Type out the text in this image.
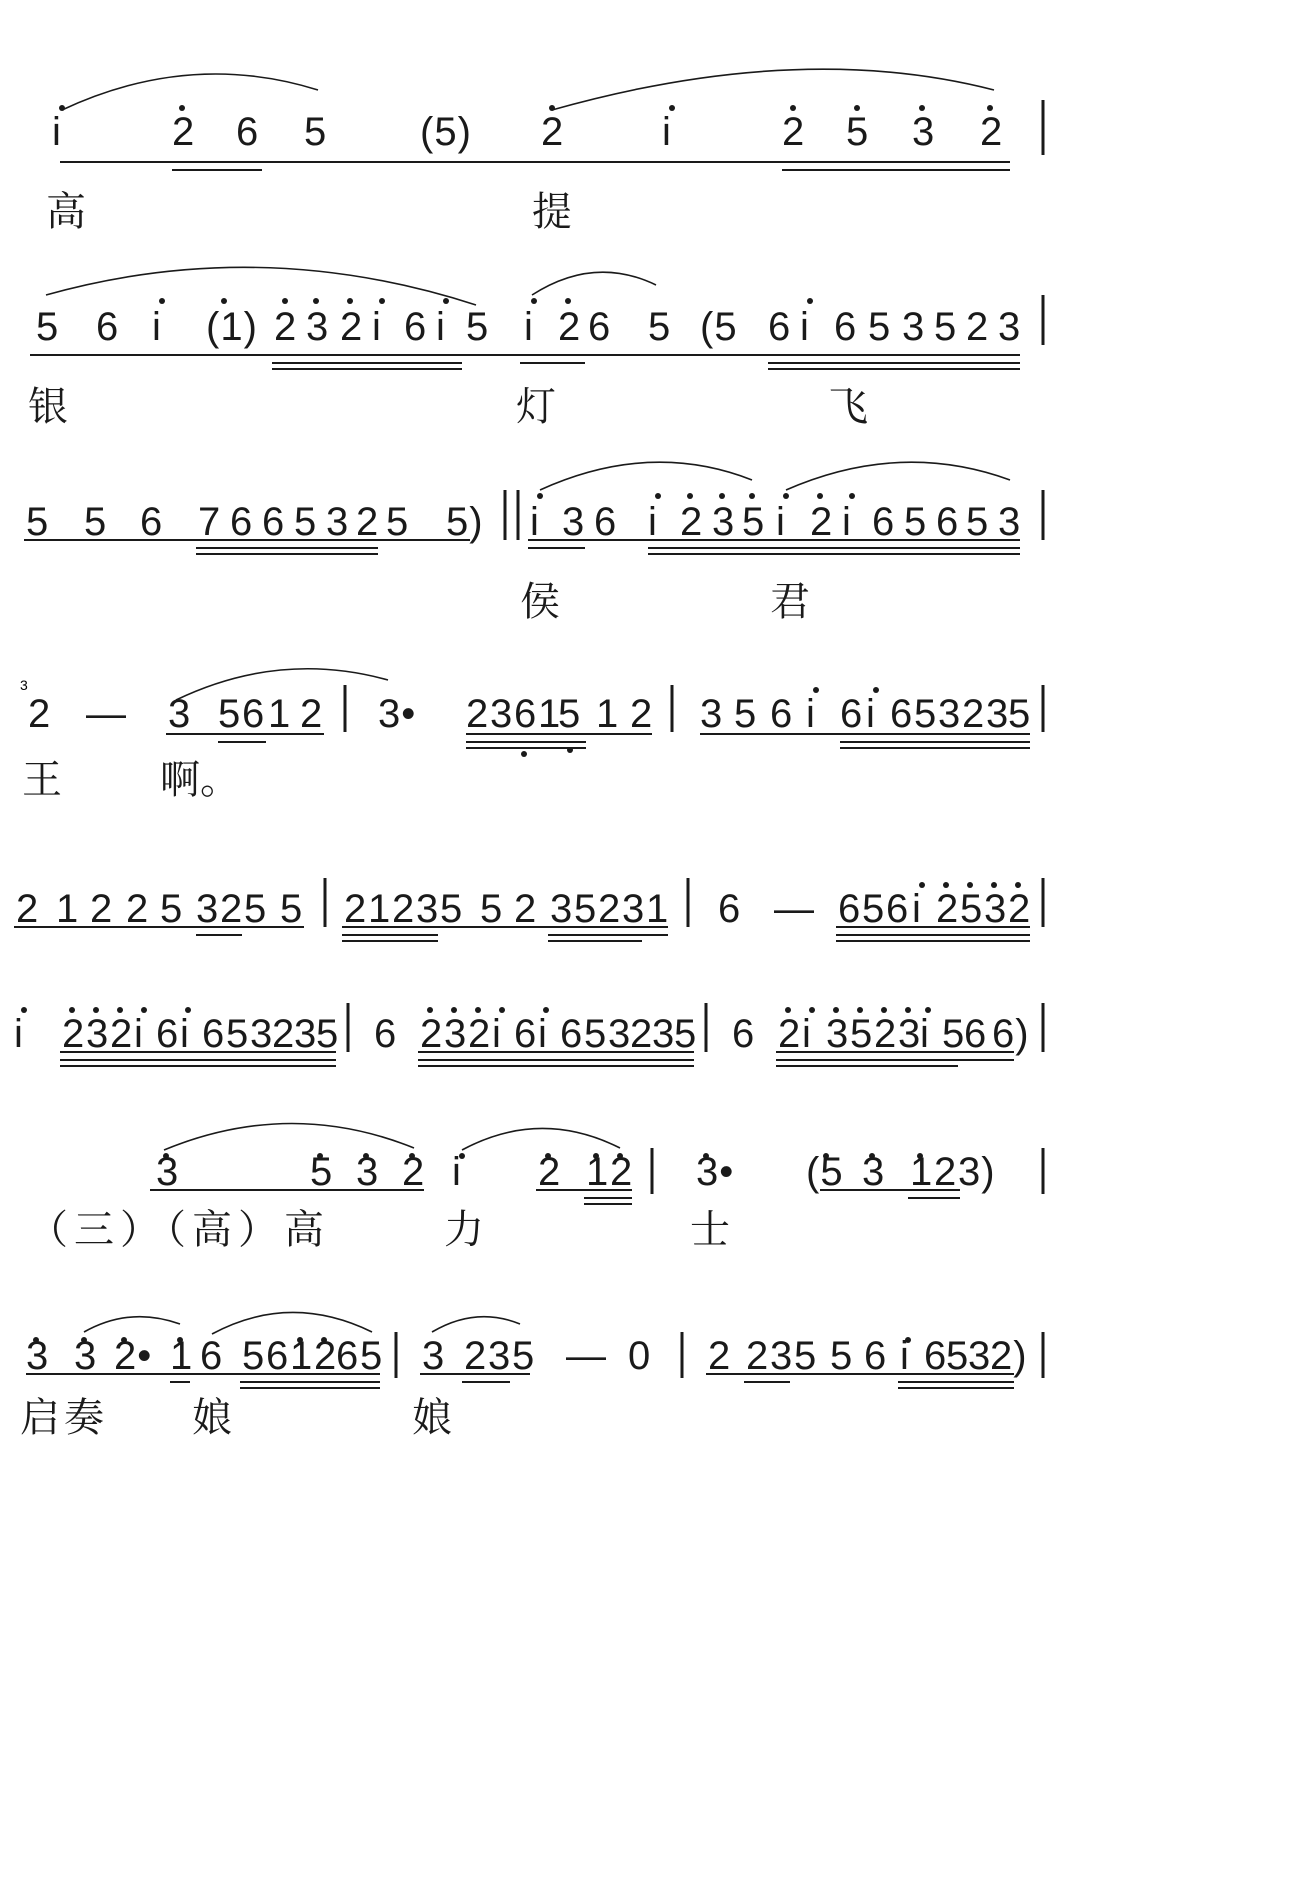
i	2 6 5 (5) 2 i	2 5 3 2
高	提
5 6 i (1) 2 3 2 i 6 i 5 i 2 6 5 (5 6 i 6 5 3 5 2 3
银	灯	飞
5 5 6 7 6 6 5 3 2 5 5) i 3 6 i 2 3 5 i 2 i 6 5 6 5 3
侯	君
3
2 — 3 5 6 1 2 3• 2 3 6 1
5 1 2 3 5 6 i 6 i 6 5 3 2 3
5
王 啊。
2 1 2 2 5 3 2 5 5 2 1 2 3 5 5 2 3 5 2 3 1 6 — 6 5 6 i 2 5 3 2
i 2 3 2 i 6 i 6 5 3
2
3
5 6 2 3 2 i 6 i 6 5 3
2
3
5 6 2 i 3 5 2 3
i 5
6 6)
3	5 3 2 i 2 1 2 3• (5 3 1 2 3)
（三）（高）高	力	士
3 3 2• 1 6 5 6 1 2
6 5 3 2 3 5 — 0 2 2 3 5 5 6 i 6
5
3
2)
启 奏 娘	娘
